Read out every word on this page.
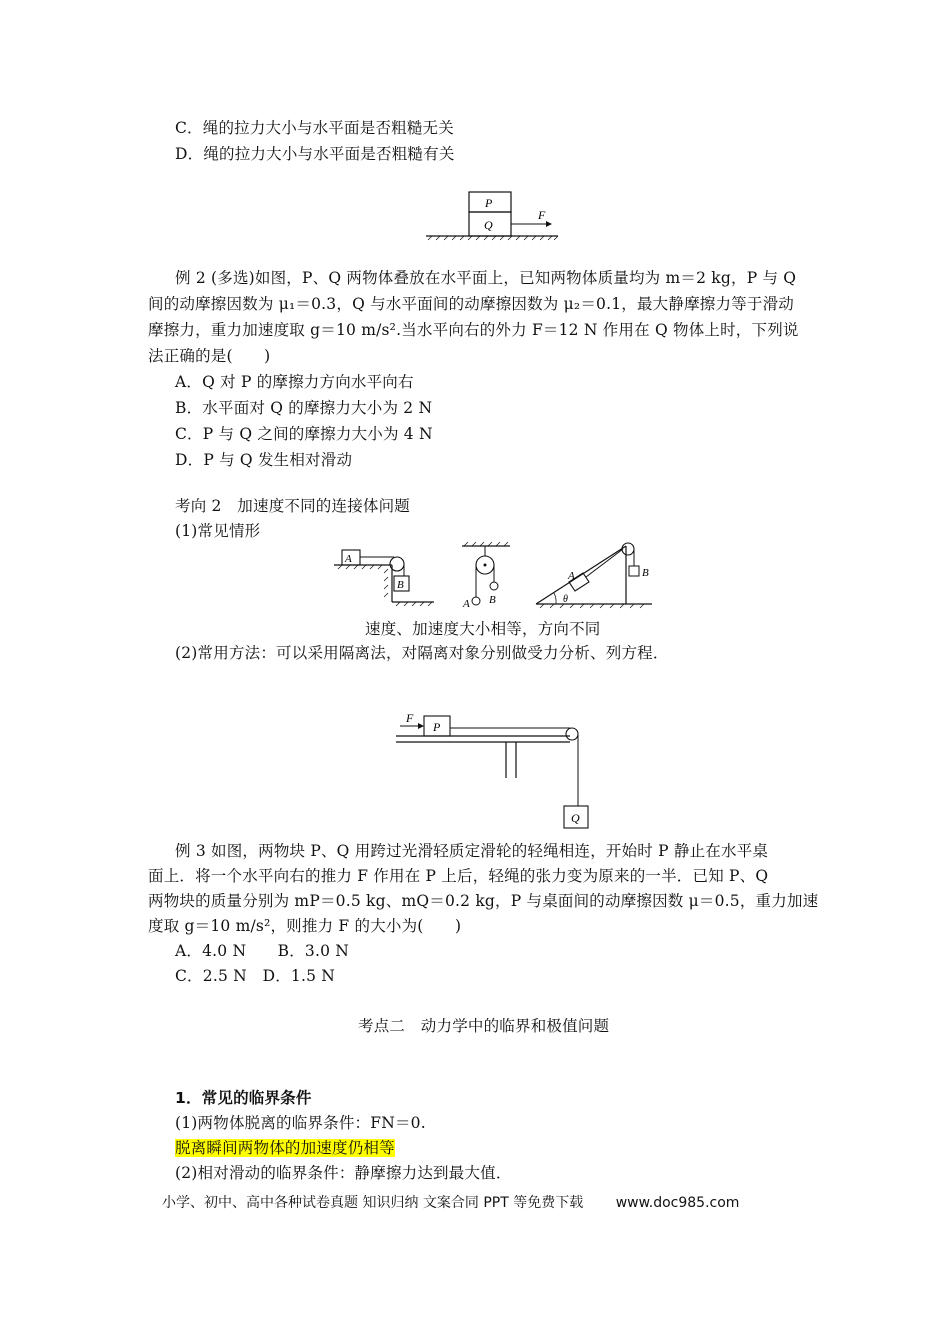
C．绳的拉力大小与水平面是否粗糙无关
D．绳的拉力大小与水平面是否粗糙有关
P
Q
F
例 2 (多选)如图，P、Q 两物体叠放在水平面上，已知两物体质量均为 m＝2 kg，P 与 Q
间的动摩擦因数为 μ₁＝0.3，Q 与水平面间的动摩擦因数为 μ₂＝0.1，最大静摩擦力等于滑动
摩擦力，重力加速度取 g＝10 m/s².当水平向右的外力 F＝12 N 作用在 Q 物体上时，下列说
法正确的是(　　)
A．Q 对 P 的摩擦力方向水平向右
B．水平面对 Q 的摩擦力大小为 2 N
C．P 与 Q 之间的摩擦力大小为 4 N
D．P 与 Q 发生相对滑动
考向 2　加速度不同的连接体问题
(1)常见情形
A
B
A B
A	B
θ
速度、加速度大小相等，方向不同
(2)常用方法：可以采用隔离法，对隔离对象分别做受力分析、列方程．
F
P
Q
例 3 如图，两物块 P、Q 用跨过光滑轻质定滑轮的轻绳相连，开始时 P 静止在水平桌
面上．将一个水平向右的推力 F 作用在 P 上后，轻绳的张力变为原来的一半．已知 P、Q
两物块的质量分别为 mP＝0.5 kg、mQ＝0.2 kg，P 与桌面间的动摩擦因数 μ＝0.5，重力加速
度取 g＝10 m/s²，则推力 F 的大小为(　　)
A．4.0 N　　B．3.0 N
C．2.5 N　D．1.5 N
考点二　动力学中的临界和极值问题
1．常见的临界条件
(1)两物体脱离的临界条件：FN＝0.
脱离瞬间两物体的加速度仍相等
(2)相对滑动的临界条件：静摩擦力达到最大值．
小学、初中、高中各种试卷真题 知识归纳 文案合同 PPT 等免费下载 www.doc985.com
